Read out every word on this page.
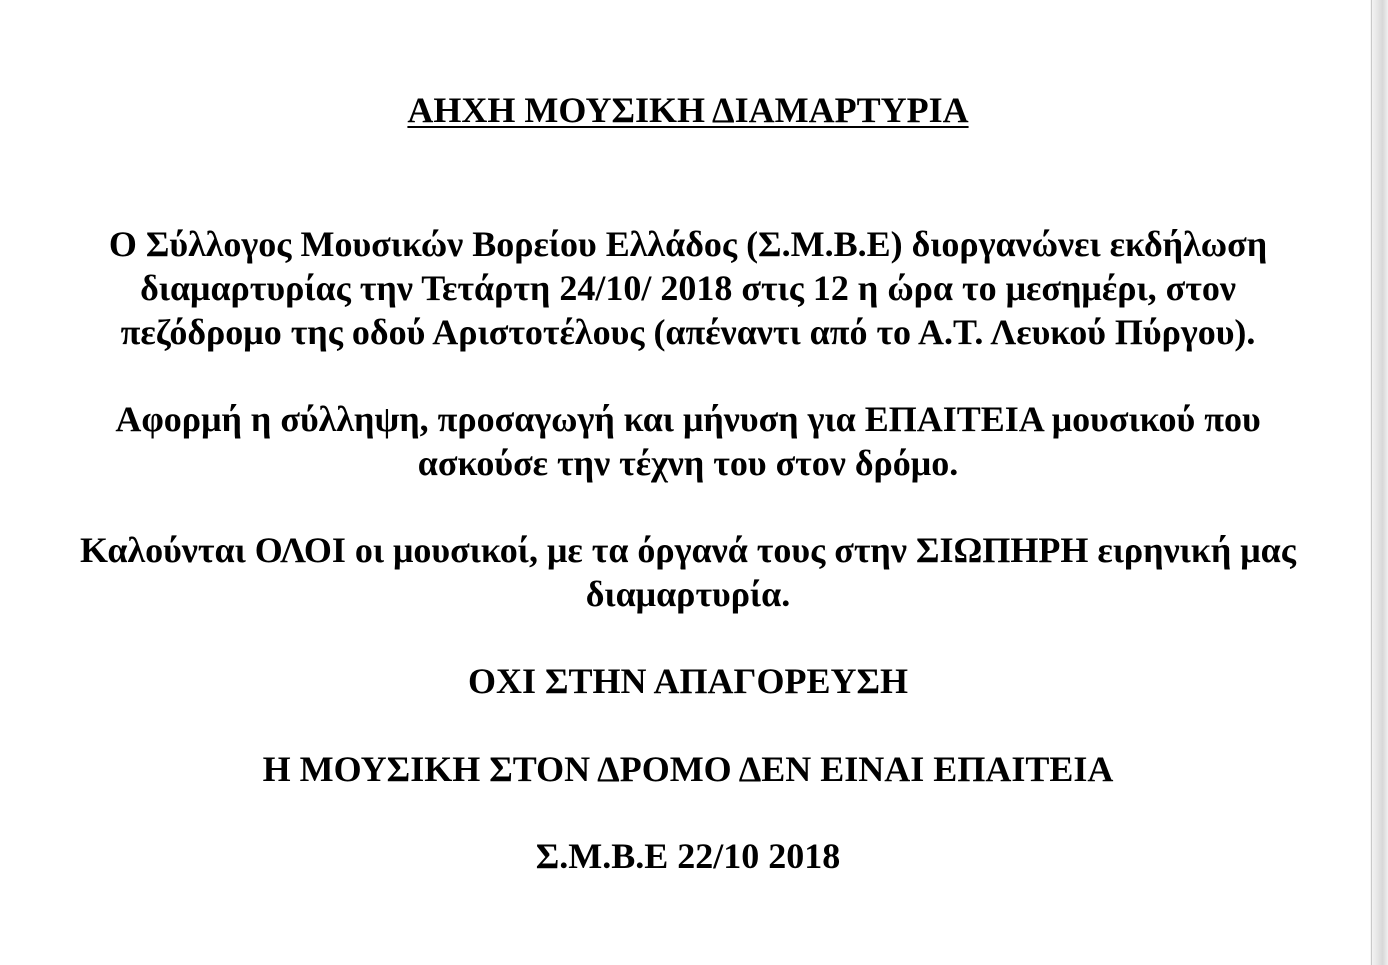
ΑΗΧΗ ΜΟΥΣΙΚΗ ΔΙΑΜΑΡΤΥΡΙΑ
Ο Σύλλογος Μουσικών Βορείου Ελλάδος (Σ.Μ.Β.Ε) διοργανώνει εκδήλωση
διαμαρτυρίας την Τετάρτη 24/10/ 2018 στις 12 η ώρα το μεσημέρι, στον
πεζόδρομο της οδού Αριστοτέλους (απέναντι από το Α.Τ. Λευκού Πύργου).
Αφορμή η σύλληψη, προσαγωγή και μήνυση για ΕΠΑΙΤΕΙΑ μουσικού που
ασκούσε την τέχνη του στον δρόμο.
Καλούνται ΟΛΟΙ οι μουσικοί, με τα όργανά τους στην ΣΙΩΠΗΡΗ ειρηνική μας
διαμαρτυρία.
ΟΧΙ ΣΤΗΝ ΑΠΑΓΟΡΕΥΣΗ
Η ΜΟΥΣΙΚΗ ΣΤΟΝ ΔΡΟΜΟ ΔΕΝ ΕΙΝΑΙ ΕΠΑΙΤΕΙΑ
Σ.Μ.Β.Ε 22/10 2018
